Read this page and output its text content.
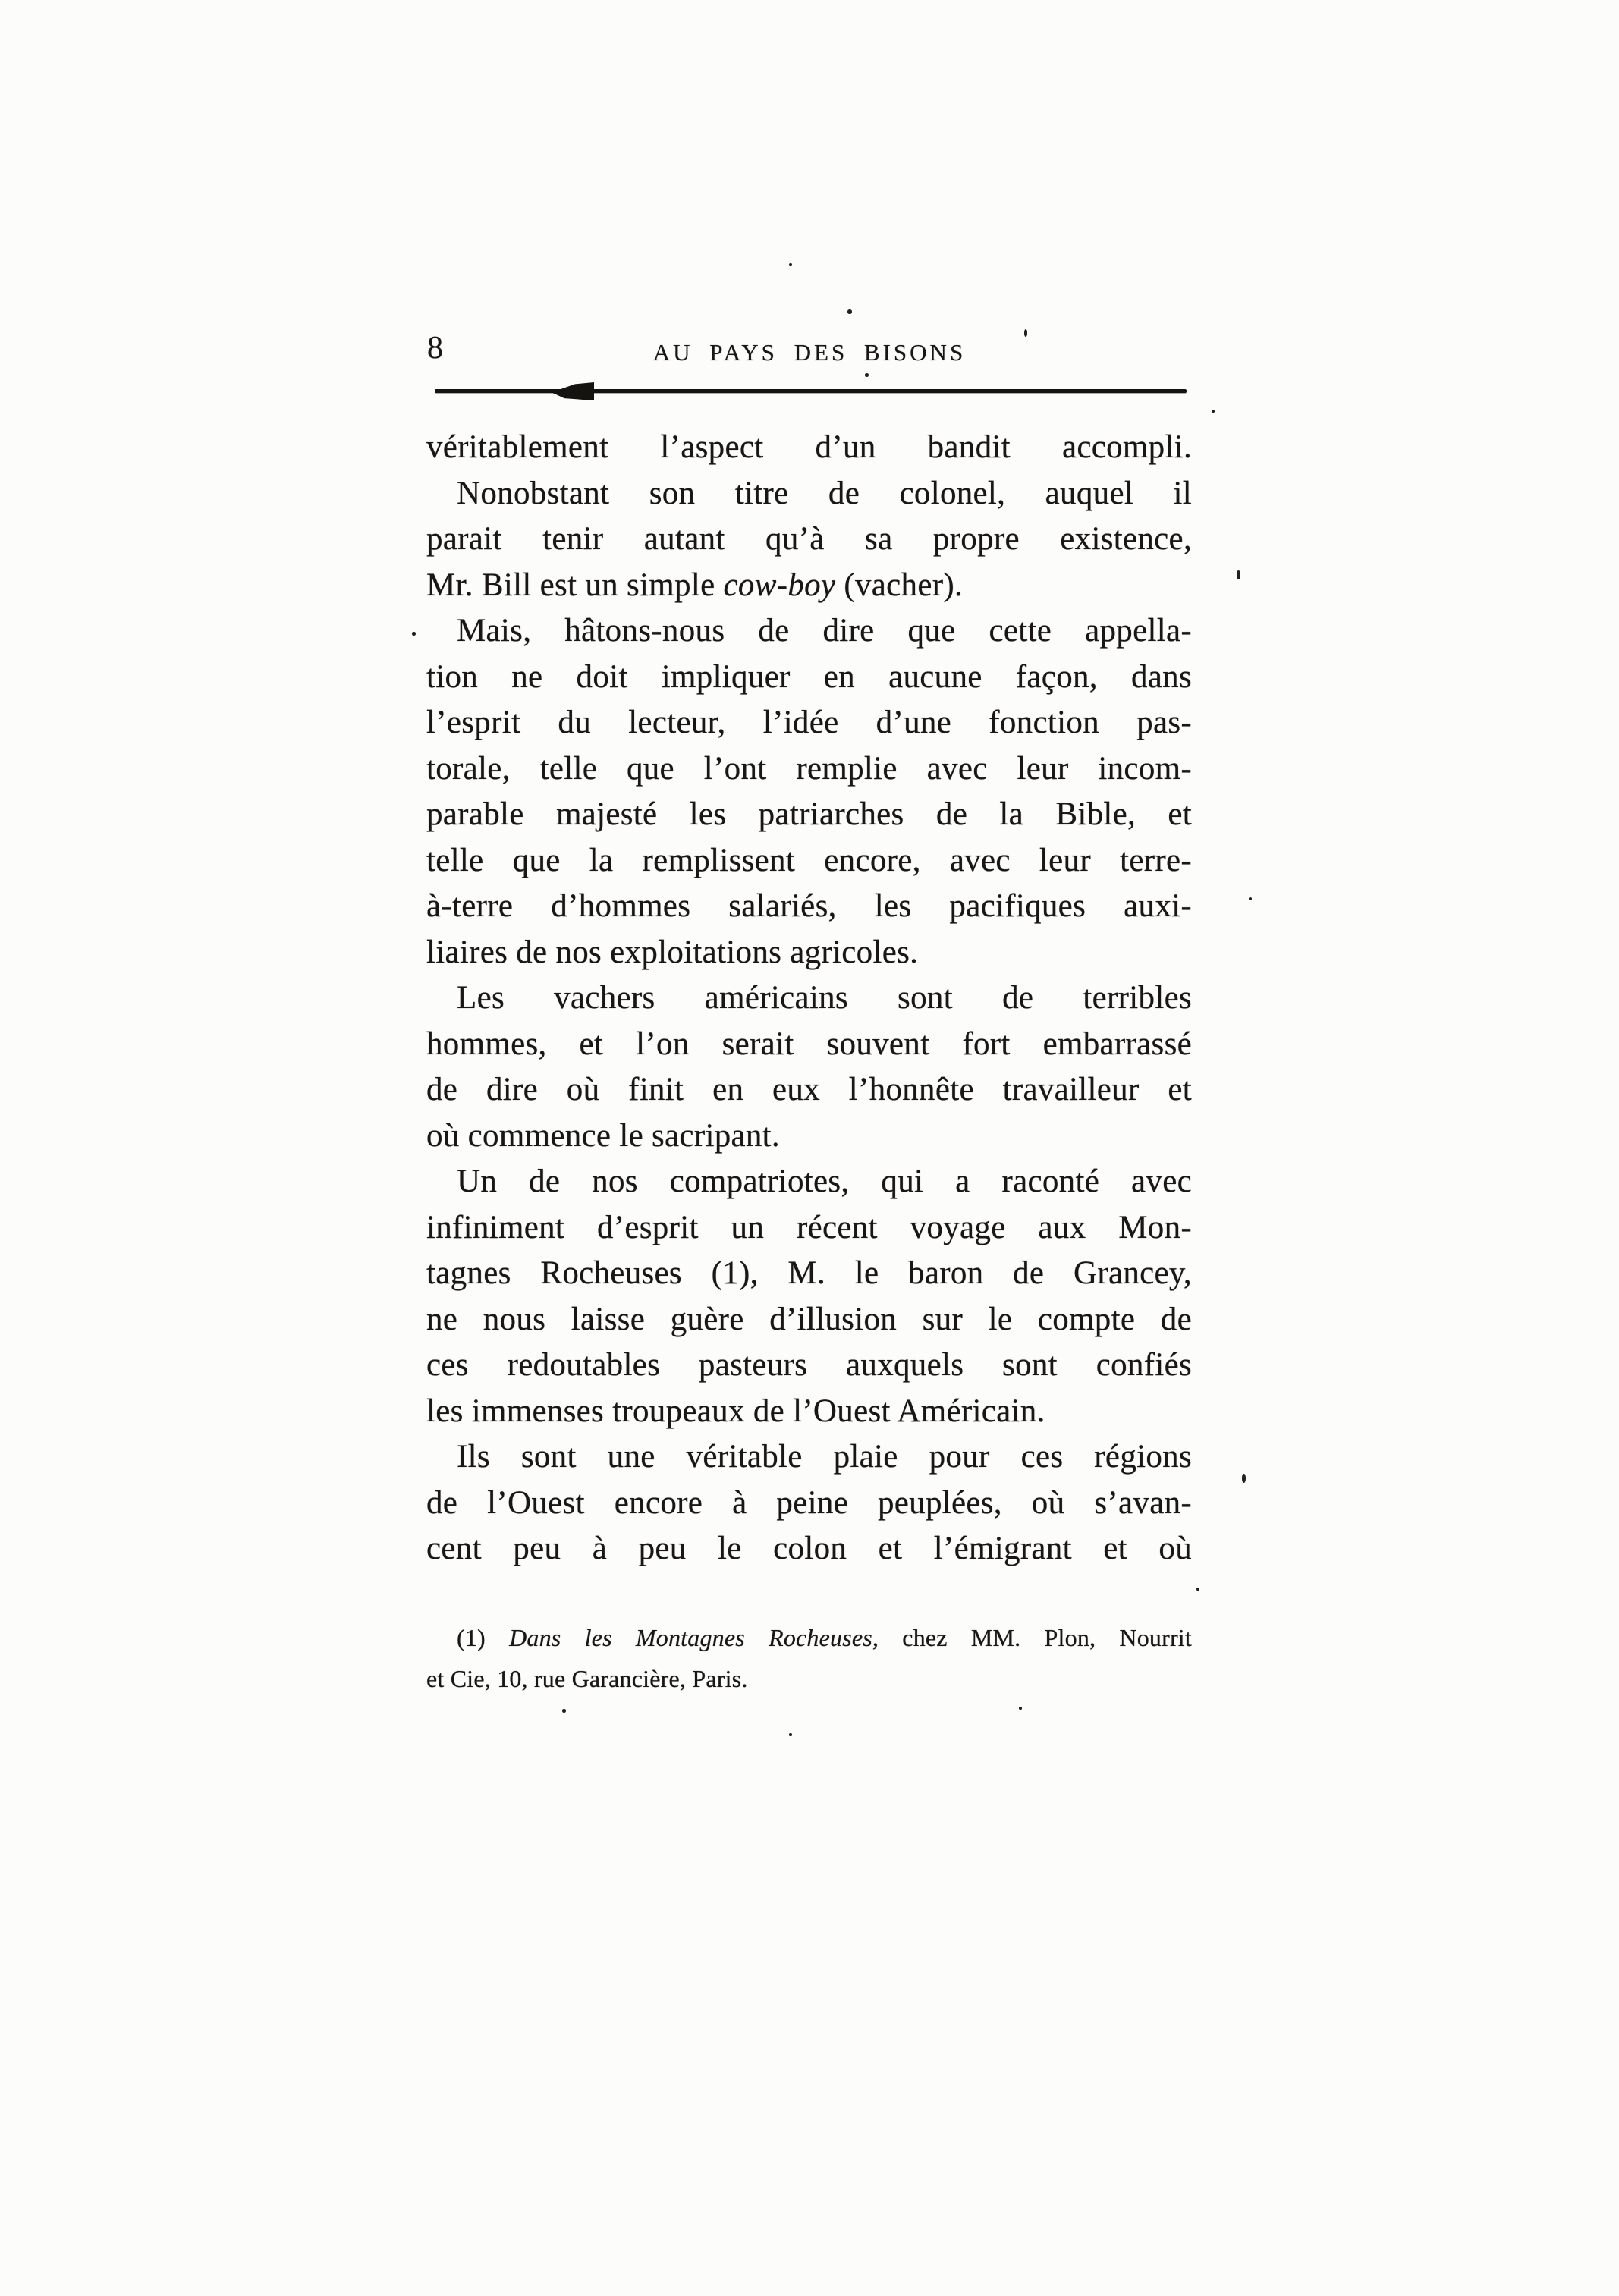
8	AU PAYS DES BISONS
véritablement l’aspect d’un bandit accompli.
Nonobstant son titre de colonel, auquel il
parait tenir autant qu’à sa propre existence,
Mr. Bill est un simple cow-boy (vacher).
Mais, hâtons-nous de dire que cette appella-
tion ne doit impliquer en aucune façon, dans
l’esprit du lecteur, l’idée d’une fonction pas-
torale, telle que l’ont remplie avec leur incom-
parable majesté les patriarches de la Bible, et
telle que la remplissent encore, avec leur terre-
à-terre d’hommes salariés, les pacifiques auxi-
liaires de nos exploitations agricoles.
Les vachers américains sont de terribles
hommes, et l’on serait souvent fort embarrassé
de dire où finit en eux l’honnête travailleur et
où commence le sacripant.
Un de nos compatriotes, qui a raconté avec
infiniment d’esprit un récent voyage aux Mon-
tagnes Rocheuses (1), M. le baron de Grancey,
ne nous laisse guère d’illusion sur le compte de
ces redoutables pasteurs auxquels sont confiés
les immenses troupeaux de l’Ouest Américain.
Ils sont une véritable plaie pour ces régions
de l’Ouest encore à peine peuplées, où s’avan-
cent peu à peu le colon et l’émigrant et où
(1) Dans les Montagnes Rocheuses, chez MM. Plon, Nourrit
et Cie, 10, rue Garancière, Paris.
